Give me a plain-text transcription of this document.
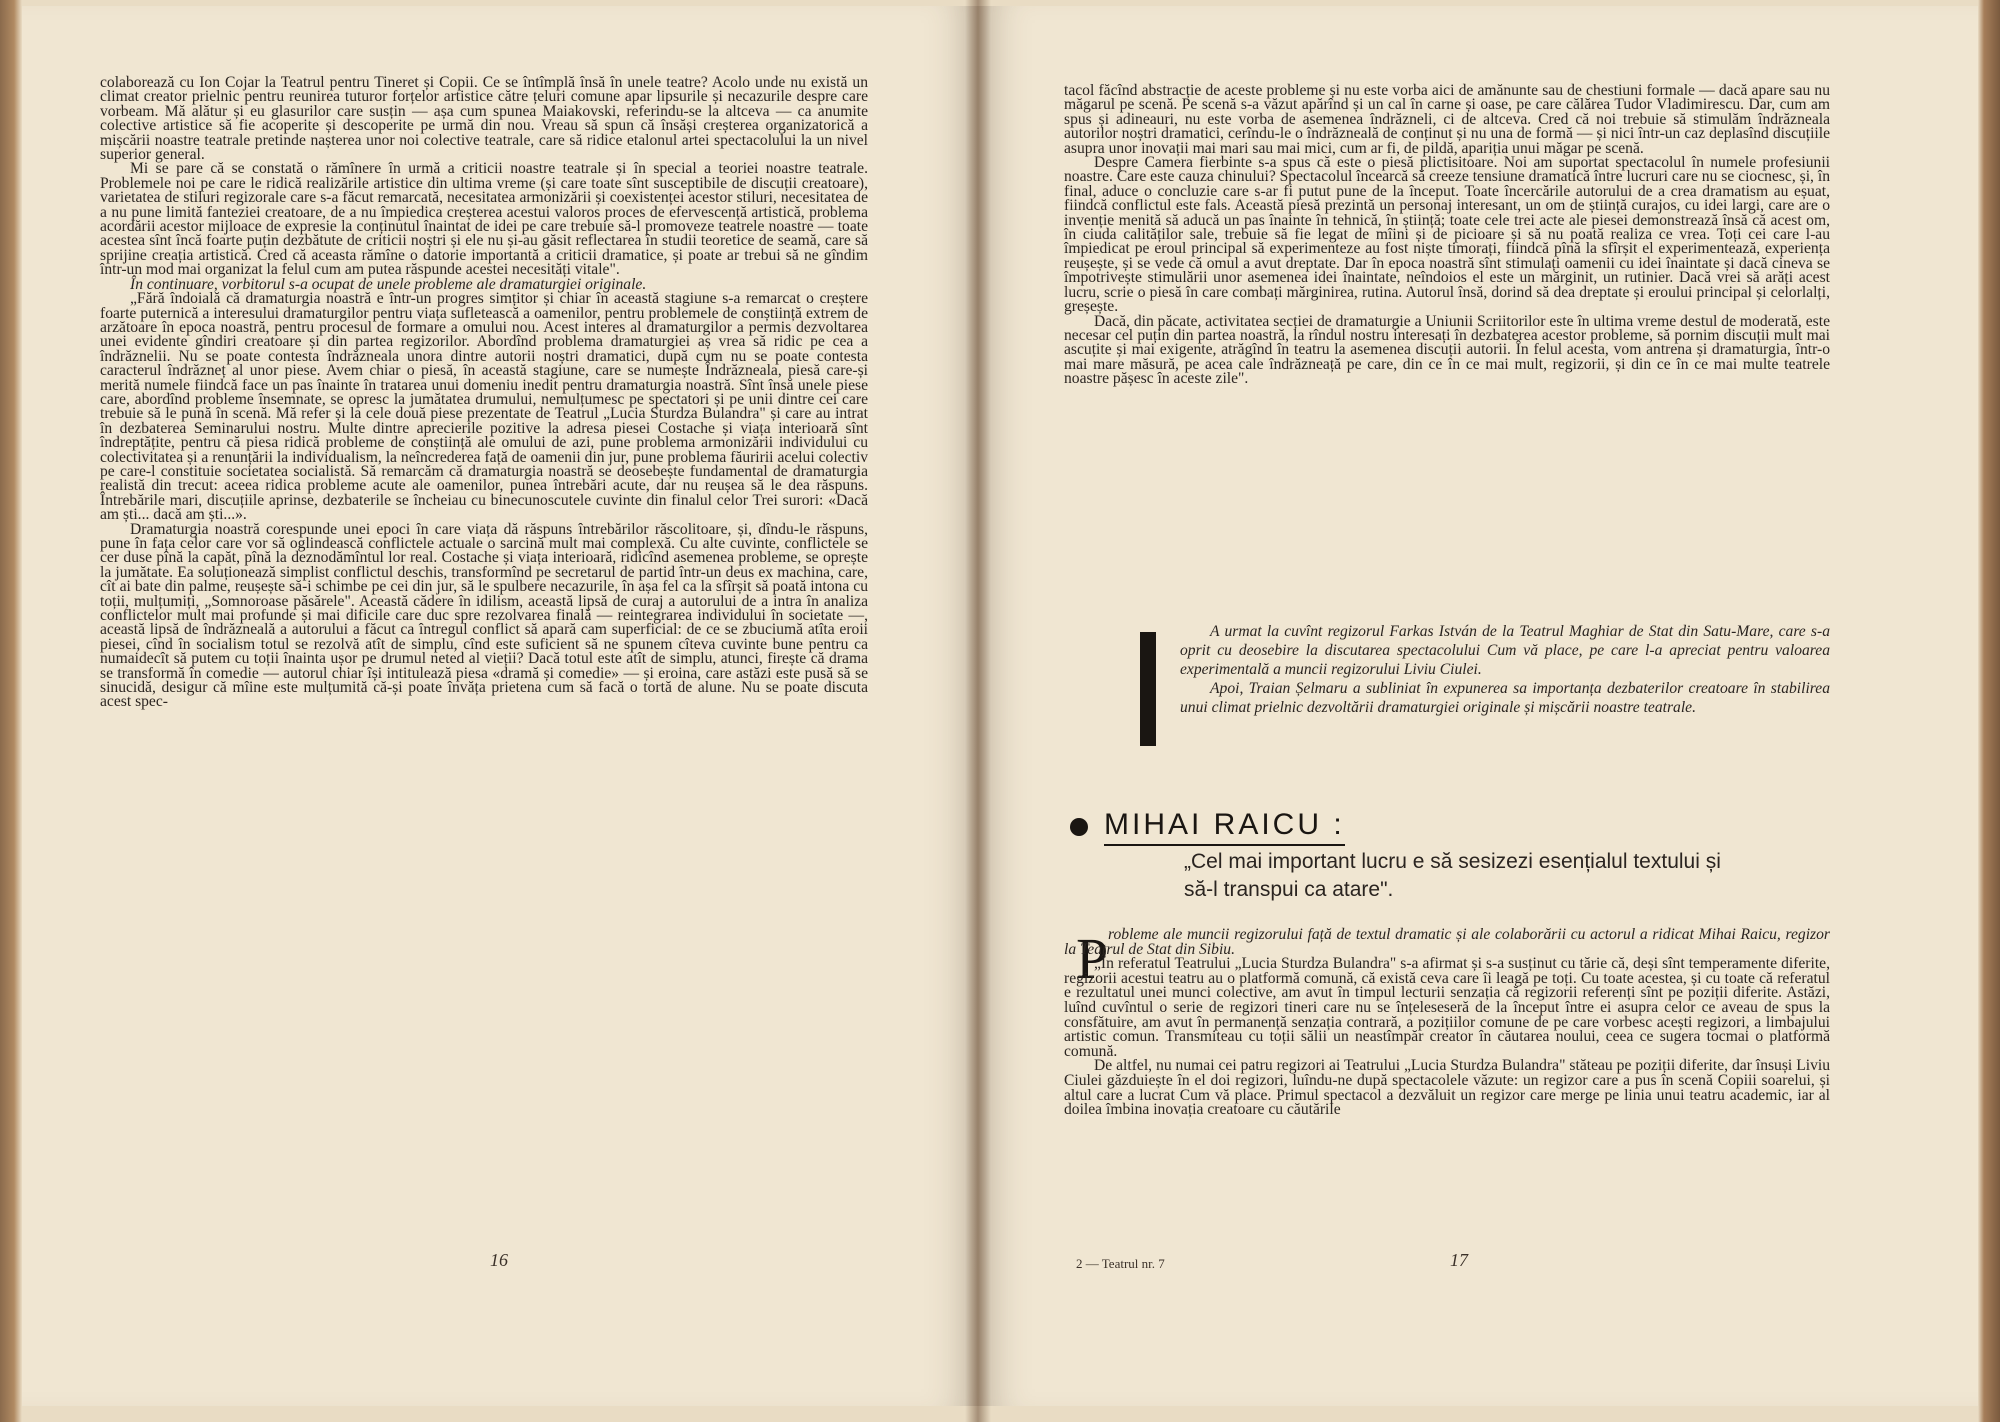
colaborează cu Ion Cojar la Teatrul pentru Tineret și Copii. Ce se întîmplă însă în unele teatre? Acolo unde nu există un climat creator prielnic pentru reunirea tuturor forțelor artistice către țeluri comune apar lipsurile și necazurile despre care vorbeam. Mă alătur și eu glasurilor care susțin — așa cum spunea Maiakovski, referindu-se la altceva — ca anumite colective artistice să fie acoperite și descoperite pe urmă din nou. Vreau să spun că însăși creșterea organizatorică a mișcării noastre teatrale pretinde nașterea unor noi colective teatrale, care să ridice etalonul artei spectacolului la un nivel superior general.

Mi se pare că se constată o rămînere în urmă a criticii noastre teatrale și în special a teoriei noastre teatrale. Problemele noi pe care le ridică realizările artistice din ultima vreme (și care toate sînt susceptibile de discuții creatoare), varietatea de stiluri regizorale care s-a făcut remarcată, necesitatea armonizării și coexistenței acestor stiluri, necesitatea de a nu pune limită fanteziei creatoare, de a nu împiedica creșterea acestui valoros proces de efervescență artistică, problema acordării acestor mijloace de expresie la conținutul înaintat de idei pe care trebuie să-l promoveze teatrele noastre — toate acestea sînt încă foarte puțin dezbătute de criticii noștri și ele nu și-au găsit reflectarea în studii teoretice de seamă, care să sprijine creația artistică. Cred că aceasta rămîne o datorie importantă a criticii dramatice, și poate ar trebui să ne gîndim într-un mod mai organizat la felul cum am putea răspunde acestei necesități vitale".

În continuare, vorbitorul s-a ocupat de unele probleme ale dramaturgiei originale.

„Fără îndoială că dramaturgia noastră e într-un progres simțitor și chiar în această stagiune s-a remarcat o creștere foarte puternică a interesului dramaturgilor pentru viața sufletească a oamenilor, pentru problemele de conștiință extrem de arzătoare în epoca noastră, pentru procesul de formare a omului nou. Acest interes al dramaturgilor a permis dezvoltarea unei evidente gîndiri creatoare și din partea regizorilor. Abordînd problema dramaturgiei aș vrea să ridic pe cea a îndrăznelii. Nu se poate contesta îndrăzneala unora dintre autorii noștri dramatici, după cum nu se poate contesta caracterul îndrăzneț al unor piese. Avem chiar o piesă, în această stagiune, care se numește Îndrăzneala, piesă care-și merită numele fiindcă face un pas înainte în tratarea unui domeniu inedit pentru dramaturgia noastră. Sînt însă unele piese care, abordînd probleme însemnate, se opresc la jumătatea drumului, nemulțumesc pe spectatori și pe unii dintre cei care trebuie să le pună în scenă. Mă refer și la cele două piese prezentate de Teatrul „Lucia Sturdza Bulandra" și care au intrat în dezbaterea Seminarului nostru. Multe dintre aprecierile pozitive la adresa piesei Costache și viața interioară sînt îndreptățite, pentru că piesa ridică probleme de conștiință ale omului de azi, pune problema armonizării individului cu colectivitatea și a renunțării la individualism, la neîncrederea față de oamenii din jur, pune problema făuririi acelui colectiv pe care-l constituie societatea socialistă. Să remarcăm că dramaturgia noastră se deosebește fundamental de dramaturgia realistă din trecut: aceea ridica probleme acute ale oamenilor, punea întrebări acute, dar nu reușea să le dea răspuns. Întrebările mari, discuțiile aprinse, dezbaterile se încheiau cu binecunoscutele cuvinte din finalul celor Trei surori: «Dacă am ști... dacă am ști...».

Dramaturgia noastră corespunde unei epoci în care viața dă răspuns întrebărilor răscolitoare, și, dîndu-le răspuns, pune în fața celor care vor să oglindească conflictele actuale o sarcină mult mai complexă. Cu alte cuvinte, conflictele se cer duse pînă la capăt, pînă la deznodămîntul lor real. Costache și viața interioară, ridicînd asemenea probleme, se oprește la jumătate. Ea soluționează simplist conflictul deschis, transformînd pe secretarul de partid într-un deus ex machina, care, cît ai bate din palme, reușește să-i schimbe pe cei din jur, să le spulbere necazurile, în așa fel ca la sfîrșit să poată intona cu toții, mulțumiți, „Somnoroase păsărele". Această cădere în idilism, această lipsă de curaj a autorului de a intra în analiza conflictelor mult mai profunde și mai dificile care duc spre rezolvarea finală — reintegrarea individului în societate —, această lipsă de îndrăzneală a autorului a făcut ca întregul conflict să apară cam superficial: de ce se zbuciumă atîta eroii piesei, cînd în socialism totul se rezolvă atît de simplu, cînd este suficient să ne spunem cîteva cuvinte bune pentru ca numaidecît să putem cu toții înainta ușor pe drumul neted al vieții? Dacă totul este atît de simplu, atunci, firește că drama se transformă în comedie — autorul chiar își intitulează piesa «dramă și comedie» — și eroina, care astăzi este pusă să se sinucidă, desigur că mîine este mulțumită că-și poate învăța prietena cum să facă o tortă de alune. Nu se poate discuta acest spec-

16

tacol făcînd abstracție de aceste probleme și nu este vorba aici de amănunte sau de chestiuni formale — dacă apare sau nu măgarul pe scenă. Pe scenă s-a văzut apărînd și un cal în carne și oase, pe care călărea Tudor Vladimirescu. Dar, cum am spus și adineauri, nu este vorba de asemenea îndrăzneli, ci de altceva. Cred că noi trebuie să stimulăm îndrăzneala autorilor noștri dramatici, cerîndu-le o îndrăzneală de conținut și nu una de formă — și nici într-un caz deplasînd discuțiile asupra unor inovații mai mari sau mai mici, cum ar fi, de pildă, apariția unui măgar pe scenă.

Despre Camera fierbinte s-a spus că este o piesă plictisitoare. Noi am suportat spectacolul în numele profesiunii noastre. Care este cauza chinului? Spectacolul încearcă să creeze tensiune dramatică între lucruri care nu se ciocnesc, și, în final, aduce o concluzie care s-ar fi putut pune de la început. Toate încercările autorului de a crea dramatism au eșuat, fiindcă conflictul este fals. Această piesă prezintă un personaj interesant, un om de știință curajos, cu idei largi, care are o invenție menită să aducă un pas înainte în tehnică, în știință; toate cele trei acte ale piesei demonstrează însă că acest om, în ciuda calităților sale, trebuie să fie legat de mîini și de picioare și să nu poată realiza ce vrea. Toți cei care l-au împiedicat pe eroul principal să experimenteze au fost niște timorați, fiindcă pînă la sfîrșit el experimentează, experiența reușește, și se vede că omul a avut dreptate. Dar în epoca noastră sînt stimulați oamenii cu idei înaintate și dacă cineva se împotrivește stimulării unor asemenea idei înaintate, neîndoios el este un mărginit, un rutinier. Dacă vrei să arăți acest lucru, scrie o piesă în care combați mărginirea, rutina. Autorul însă, dorind să dea dreptate și eroului principal și celorlalți, greșește.

Dacă, din păcate, activitatea secției de dramaturgie a Uniunii Scriitorilor este în ultima vreme destul de moderată, este necesar cel puțin din partea noastră, la rîndul nostru interesați în dezbaterea acestor probleme, să pornim discuții mult mai ascuțite și mai exigente, atrăgînd în teatru la asemenea discuții autorii. În felul acesta, vom antrena și dramaturgia, într-o mai mare măsură, pe acea cale îndrăzneață pe care, din ce în ce mai mult, regizorii, și din ce în ce mai multe teatrele noastre pășesc în aceste zile".

A urmat la cuvînt regizorul Farkas István de la Teatrul Maghiar de Stat din Satu-Mare, care s-a oprit cu deosebire la discutarea spectacolului Cum vă place, pe care l-a apreciat pentru valoarea experimentală a muncii regizorului Liviu Ciulei.

Apoi, Traian Șelmaru a subliniat în expunerea sa importanța dezbaterilor creatoare în stabilirea unui climat prielnic dezvoltării dramaturgiei originale și mișcării noastre teatrale.

MIHAI RAICU :
„Cel mai important lucru e să sesizezi esențialul textului și să-l transpui ca atare".
P robleme ale muncii regizorului față de textul dramatic și ale colaborării cu actorul a ridicat Mihai Raicu, regizor la Teatrul de Stat din Sibiu.

„În referatul Teatrului „Lucia Sturdza Bulandra" s-a afirmat și s-a susținut cu tărie că, deși sînt temperamente diferite, regizorii acestui teatru au o platformă comună, că există ceva care îi leagă pe toți. Cu toate acestea, și cu toate că referatul e rezultatul unei munci colective, am avut în timpul lecturii senzația că regizorii referenți sînt pe poziții diferite. Astăzi, luînd cuvîntul o serie de regizori tineri care nu se înțeleseseră de la început între ei asupra celor ce aveau de spus la consfătuire, am avut în permanență senzația contrară, a pozițiilor comune de pe care vorbesc acești regizori, a limbajului artistic comun. Transmiteau cu toții sălii un neastîmpăr creator în căutarea noului, ceea ce sugera tocmai o platformă comună.

De altfel, nu numai cei patru regizori ai Teatrului „Lucia Sturdza Bulandra" stăteau pe poziții diferite, dar însuși Liviu Ciulei găzduiește în el doi regizori, luîndu-ne după spectacolele văzute: un regizor care a pus în scenă Copiii soarelui, și altul care a lucrat Cum vă place. Primul spectacol a dezvăluit un regizor care merge pe linia unui teatru academic, iar al doilea îmbina inovația creatoare cu căutările

2 — Teatrul nr. 7	17
